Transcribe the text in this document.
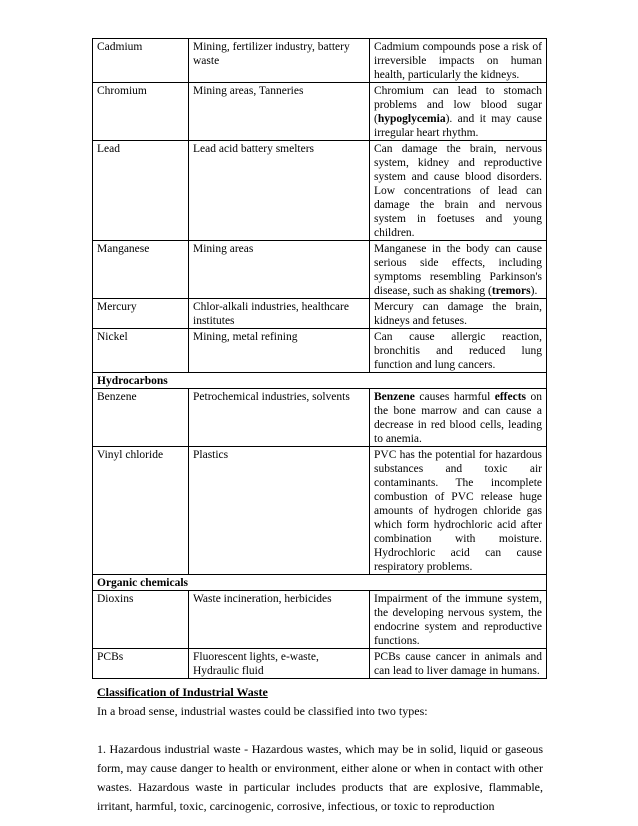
Cadmium	Mining, fertilizer industry, battery waste	Cadmium compounds pose a risk of irreversible impacts on human health, particularly the kidneys.
Chromium	Mining areas, Tanneries	Chromium can lead to stomach problems and low blood sugar (hypoglycemia). and it may cause irregular heart rhythm.
Lead	Lead acid battery smelters	Can damage the brain, nervous system, kidney and reproductive system and cause blood disorders. Low concentrations of lead can damage the brain and nervous system in foetuses and young children.
Manganese	Mining areas	Manganese in the body can cause serious side effects, including symptoms resembling Parkinson's disease, such as shaking (tremors).
Mercury	Chlor-alkali industries, healthcare institutes	Mercury can damage the brain, kidneys and fetuses.
Nickel	Mining, metal refining	Can cause allergic reaction, bronchitis and reduced lung function and lung cancers.
Hydrocarbons		
Benzene	Petrochemical industries, solvents	Benzene causes harmful effects on the bone marrow and can cause a decrease in red blood cells, leading to anemia.
Vinyl chloride	Plastics	PVC has the potential for hazardous substances and toxic air contaminants. The incomplete combustion of PVC release huge amounts of hydrogen chloride gas which form hydrochloric acid after combination with moisture. Hydrochloric acid can cause respiratory problems.
Organic chemicals		
Dioxins	Waste incineration, herbicides	Impairment of the immune system, the developing nervous system, the endocrine system and reproductive functions.
PCBs	Fluorescent lights, e-waste, Hydraulic fluid	PCBs cause cancer in animals and can lead to liver damage in humans.
Classification of Industrial Waste
In a broad sense, industrial wastes could be classified into two types:
1. Hazardous industrial waste - Hazardous wastes, which may be in solid, liquid or gaseous form, may cause danger to health or environment, either alone or when in contact with other wastes. Hazardous waste in particular includes products that are explosive, flammable, irritant, harmful, toxic, carcinogenic, corrosive, infectious, or toxic to reproduction
